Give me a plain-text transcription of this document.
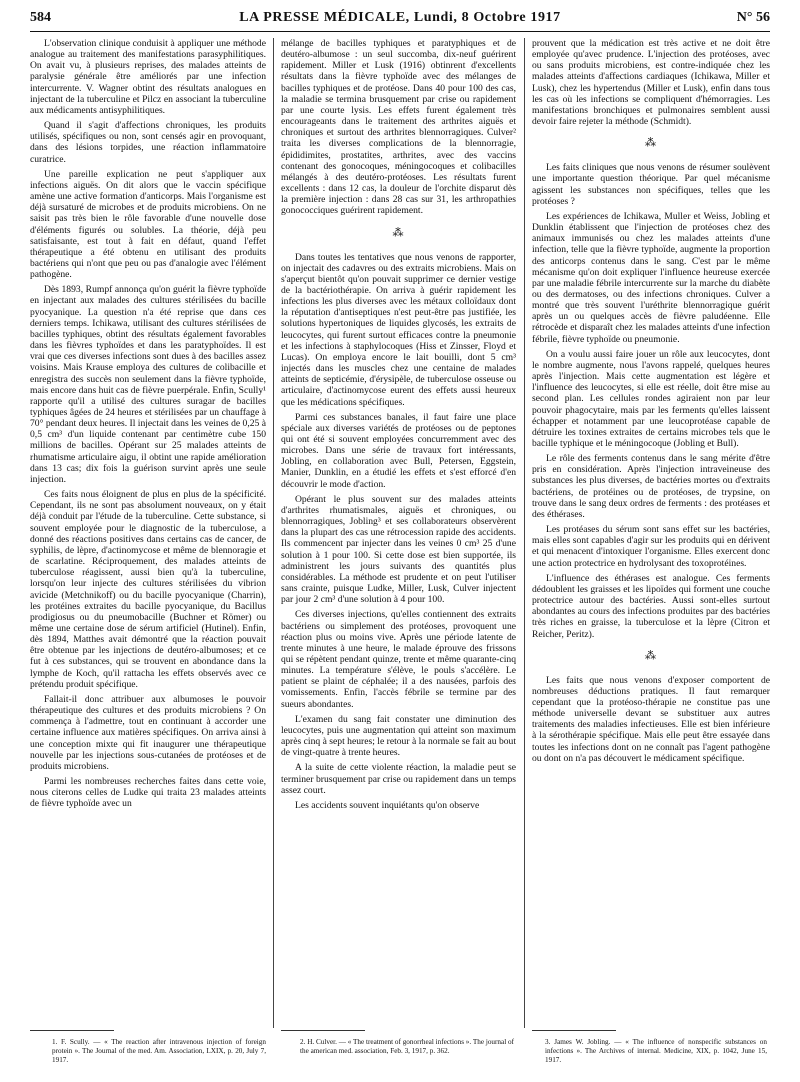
584	LA PRESSE MÉDICALE, Lundi, 8 Octobre 1917	N° 56

L'observation clinique conduisit à appliquer une méthode analogue au traitement des manifestations parasyphilitiques. On avait vu, à plusieurs reprises, des malades atteints de paralysie générale être améliorés par une infection intercurrente. V. Wagner obtint des résultats analogues en injectant de la tuberculine et Pilcz en associant la tuberculine aux médicaments antisyphilitiques.

Quand il s'agit d'affections chroniques, les produits utilisés, spécifiques ou non, sont censés agir en provoquant, dans des lésions torpides, une réaction inflammatoire curatrice.

Une pareille explication ne peut s'appliquer aux infections aiguës. On dit alors que le vaccin spécifique amène une active formation d'anticorps. Mais l'organisme est déjà sursaturé de microbes et de produits microbiens. On ne saisit pas très bien le rôle favorable d'une nouvelle dose d'éléments figurés ou solubles. La théorie, déjà peu satisfaisante, est tout à fait en défaut, quand l'effet thérapeutique a été obtenu en utilisant des produits bactériens qui n'ont que peu ou pas d'analogie avec l'élément pathogène.

Dès 1893, Rumpf annonça qu'on guérit la fièvre typhoïde en injectant aux malades des cultures stérilisées du bacille pyocyanique. La question n'a été reprise que dans ces derniers temps. Ichikawa, utilisant des cultures stérilisées de bacilles typhiques, obtint des résultats également favorables dans les fièvres typhoïdes et dans les paratyphoïdes. Il est vrai que ces diverses infections sont dues à des bacilles assez voisins. Mais Krause employa des cultures de colibacille et enregistra des succès non seulement dans la fièvre typhoïde, mais encore dans huit cas de fièvre puerpérale. Enfin, Scully¹ rapporte qu'il a utilisé des cultures suragar de bacilles typhiques âgées de 24 heures et stérilisées par un chauffage à 70° pendant deux heures. Il injectait dans les veines de 0,25 à 0,5 cm³ d'un liquide contenant par centimètre cube 150 millions de bacilles. Opérant sur 25 malades atteints de rhumatisme articulaire aigu, il obtint une rapide amélioration dans 13 cas; dix fois la guérison survint après une seule injection.

Ces faits nous éloignent de plus en plus de la spécificité. Cependant, ils ne sont pas absolument nouveaux, on y était déjà conduit par l'étude de la tuberculine. Cette substance, si souvent employée pour le diagnostic de la tuberculose, a donné des réactions positives dans certains cas de cancer, de syphilis, de lèpre, d'actinomycose et même de blennoragie et de scarlatine. Réciproquement, des malades atteints de tuberculose réagissent, aussi bien qu'à la tuberculine, lorsqu'on leur injecte des cultures stérilisées du vibrion avicide (Metchnikoff) ou du bacille pyocyanique (Charrin), les protéines extraites du bacille pyocyanique, du Bacillus prodigiosus ou du pneumobacille (Buchner et Römer) ou même une certaine dose de sérum artificiel (Hutinel). Enfin, dès 1894, Matthes avait démontré que la réaction pouvait être obtenue par les injections de deutéro-albumoses; et ce fut à ces substances, qui se trouvent en abondance dans la lymphe de Koch, qu'il rattacha les effets observés avec ce prétendu produit spécifique.

Fallait-il donc attribuer aux albumoses le pouvoir thérapeutique des cultures et des produits microbiens ? On commença à l'admettre, tout en continuant à accorder une certaine influence aux matières spécifiques. On arriva ainsi à une conception mixte qui fit inaugurer une thérapeutique nouvelle par les injections sous-cutanées de protéoses et de produits microbiens.

Parmi les nombreuses recherches faites dans cette voie, nous citerons celles de Ludke qui traita 23 malades atteints de fièvre typhoïde avec un

mélange de bacilles typhiques et paratyphiques et de deutéro-albumose : un seul succomba, dix-neuf guérirent rapidement. Miller et Lusk (1916) obtinrent d'excellents résultats dans la fièvre typhoïde avec des mélanges de bacilles typhiques et de protéose. Dans 40 pour 100 des cas, la maladie se termina brusquement par crise ou rapidement par une courte lysis. Les effets furent également très encourageants dans le traitement des arthrites aiguës et chroniques et surtout des arthrites blennorragiques. Culver² traita les diverses complications de la blennorragie, épididimites, prostatites, arthrites, avec des vaccins contenant des gonocoques, méningocoques et colibacilles mélangés à des deutéro-protéoses. Les résultats furent excellents : dans 12 cas, la douleur de l'orchite disparut dès la première injection : dans 28 cas sur 31, les arthropathies gonococciques guérirent rapidement.

⁂

Dans toutes les tentatives que nous venons de rapporter, on injectait des cadavres ou des extraits microbiens. Mais on s'aperçut bientôt qu'on pouvait supprimer ce dernier vestige de la bactériothérapie. On arriva à guérir rapidement les infections les plus diverses avec les métaux colloïdaux dont la réputation d'antiseptiques n'est peut-être pas justifiée, les solutions hypertoniques de liquides glycosés, les extraits de leucocytes, qui furent surtout efficaces contre la pneumonie et les infections à staphylocoques (Hiss et Zinsser, Floyd et Lucas). On employa encore le lait bouilli, dont 5 cm³ injectés dans les muscles chez une centaine de malades atteints de septicémie, d'érysipèle, de tuberculose osseuse ou articulaire, d'actinomycose eurent des effets aussi heureux que les médications spécifiques.

Parmi ces substances banales, il faut faire une place spéciale aux diverses variétés de protéoses ou de peptones qui ont été si souvent employées concurremment avec des microbes. Dans une série de travaux fort intéressants, Jobling, en collaboration avec Bull, Petersen, Eggstein, Manier, Dunklin, en a étudié les effets et s'est efforcé d'en découvrir le mode d'action.

Opérant le plus souvent sur des malades atteints d'arthrites rhumatismales, aiguës et chroniques, ou blennorragiques, Jobling³ et ses collaborateurs observèrent dans la plupart des cas une rétrocession rapide des accidents. Ils commencent par injecter dans les veines 0 cm³ 25 d'une solution à 1 pour 100. Si cette dose est bien supportée, ils administrent les jours suivants des quantités plus considérables. La méthode est prudente et on peut l'utiliser sans crainte, puisque Ludke, Miller, Lusk, Culver injectent par jour 2 cm³ d'une solution à 4 pour 100.

Ces diverses injections, qu'elles contiennent des extraits bactériens ou simplement des protéoses, provoquent une réaction plus ou moins vive. Après une période latente de trente minutes à une heure, le malade éprouve des frissons qui se répètent pendant quinze, trente et même quarante-cinq minutes. La température s'élève, le pouls s'accélère. Le patient se plaint de céphalée; il a des nausées, parfois des vomissements. Enfin, l'accès fébrile se termine par des sueurs abondantes.

L'examen du sang fait constater une diminution des leucocytes, puis une augmentation qui atteint son maximum après cinq à sept heures; le retour à la normale se fait au bout de vingt-quatre à trente heures.

A la suite de cette violente réaction, la maladie peut se terminer brusquement par crise ou rapidement dans un temps assez court.

Les accidents souvent inquiétants qu'on observe

prouvent que la médication est très active et ne doit être employée qu'avec prudence. L'injection des protéoses, avec ou sans produits microbiens, est contre-indiquée chez les malades atteints d'affections cardiaques (Ichikawa, Miller et Lusk), chez les hypertendus (Miller et Lusk), enfin dans tous les cas où les infections se compliquent d'hémorragies. Les manifestations bronchiques et pulmonaires semblent aussi devoir faire rejeter la méthode (Schmidt).

⁂

Les faits cliniques que nous venons de résumer soulèvent une importante question théorique. Par quel mécanisme agissent les substances non spécifiques, telles que les protéoses ?

Les expériences de Ichikawa, Muller et Weiss, Jobling et Dunklin établissent que l'injection de protéoses chez des animaux immunisés ou chez les malades atteints d'une infection, telle que la fièvre typhoïde, augmente la proportion des anticorps contenus dans le sang. C'est par le même mécanisme qu'on doit expliquer l'influence heureuse exercée par une maladie fébrile intercurrente sur la marche du diabète ou des dermatoses, ou des infections chroniques. Culver a montré que très souvent l'uréthrite blennorragique guérit après un ou quelques accès de fièvre paludéenne. Elle rétrocède et disparaît chez les malades atteints d'une infection fébrile, fièvre typhoïde ou pneumonie.

On a voulu aussi faire jouer un rôle aux leucocytes, dont le nombre augmente, nous l'avons rappelé, quelques heures après l'injection. Mais cette augmentation est légère et l'influence des leucocytes, si elle est réelle, doit être mise au second plan. Les cellules rondes agiraient non par leur pouvoir phagocytaire, mais par les ferments qu'elles laissent échapper et notamment par une leucoprotéase capable de détruire les toxines extraites de certains microbes tels que le bacille typhique et le méningocoque (Jobling et Bull).

Le rôle des ferments contenus dans le sang mérite d'être pris en considération. Après l'injection intraveineuse des substances les plus diverses, de bactéries mortes ou d'extraits bactériens, de protéines ou de protéoses, de trypsine, on trouve dans le sang deux ordres de ferments : des protéases et des éthérases.

Les protéases du sérum sont sans effet sur les bactéries, mais elles sont capables d'agir sur les produits qui en dérivent et qui menacent d'intoxiquer l'organisme. Elles exercent donc une action protectrice en hydrolysant des toxoprotéines.

L'influence des éthérases est analogue. Ces ferments dédoublent les graisses et les lipoïdes qui forment une couche protectrice autour des bactéries. Aussi sont-elles surtout abondantes au cours des infections produites par des bactéries très riches en graisse, la tuberculose et la lèpre (Citron et Reicher, Peritz).

⁂

Les faits que nous venons d'exposer comportent de nombreuses déductions pratiques. Il faut remarquer cependant que la protéoso-thérapie ne constitue pas une méthode universelle devant se substituer aux autres traitements des maladies infectieuses. Elle est bien inférieure à la sérothérapie spécifique. Mais elle peut être essayée dans toutes les infections dont on ne connaît pas l'agent pathogène ou dont on n'a pas découvert le médicament spécifique.

1. F. Scully. — « The reaction after intravenous injection of foreign protein ». The Journal of the med. Am. Association, LXIX, p. 20, July 7, 1917.
2. H. Culver. — « The treatment of gonorrheal infections ». The journal of the american med. association, Feb. 3, 1917, p. 362.
3. James W. Jobling. — « The influence of nonspecific substances on infections ». The Archives of internal. Medicine, XIX, p. 1042, June 15, 1917.
